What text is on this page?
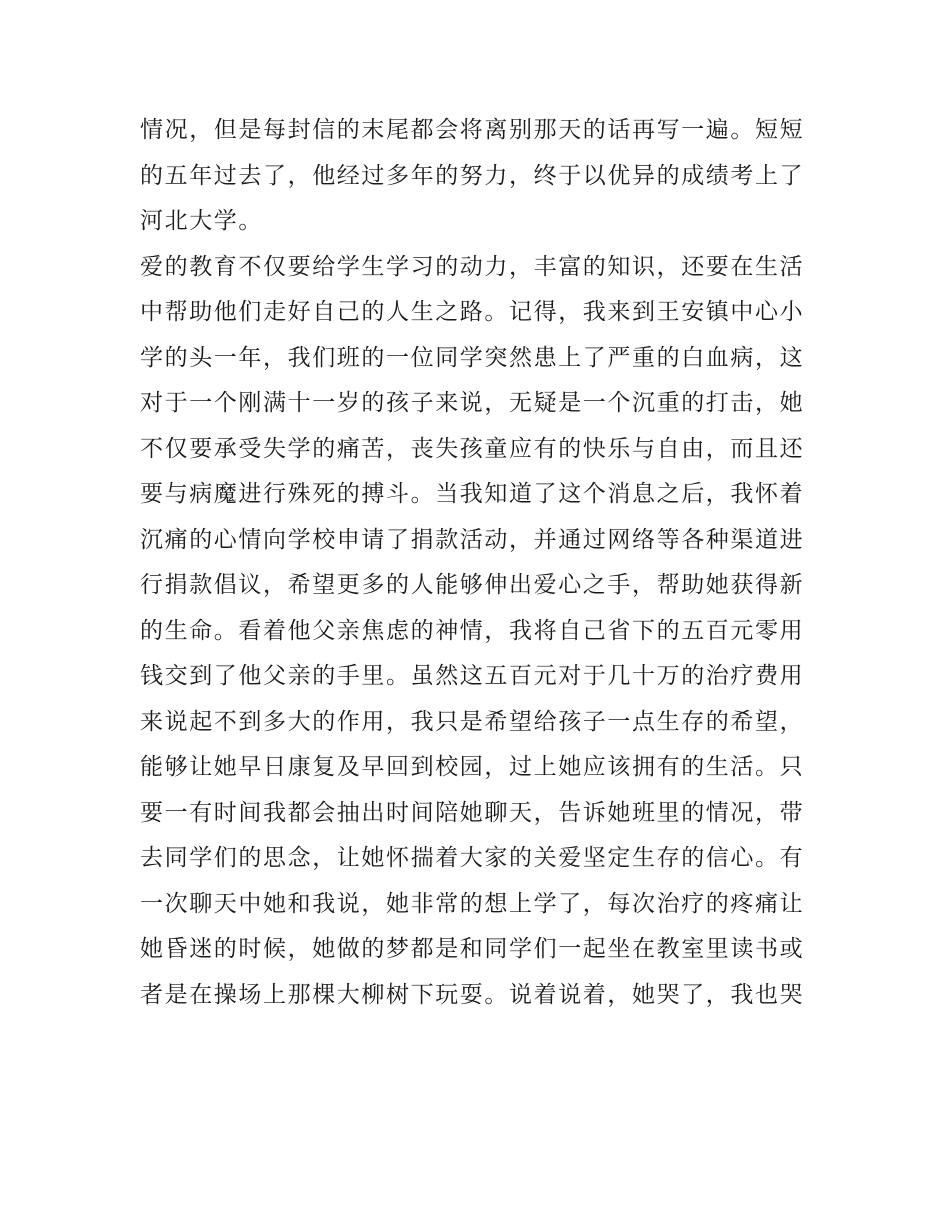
情况，但是每封信的末尾都会将离别那天的话再写一遍。短短
的五年过去了，他经过多年的努力，终于以优异的成绩考上了
河北大学。
爱的教育不仅要给学生学习的动力，丰富的知识，还要在生活
中帮助他们走好自己的人生之路。记得，我来到王安镇中心小
学的头一年，我们班的一位同学突然患上了严重的白血病，这
对于一个刚满十一岁的孩子来说，无疑是一个沉重的打击，她
不仅要承受失学的痛苦，丧失孩童应有的快乐与自由，而且还
要与病魔进行殊死的搏斗。当我知道了这个消息之后，我怀着
沉痛的心情向学校申请了捐款活动，并通过网络等各种渠道进
行捐款倡议，希望更多的人能够伸出爱心之手，帮助她获得新
的生命。看着他父亲焦虑的神情，我将自己省下的五百元零用
钱交到了他父亲的手里。虽然这五百元对于几十万的治疗费用
来说起不到多大的作用，我只是希望给孩子一点生存的希望，
能够让她早日康复及早回到校园，过上她应该拥有的生活。只
要一有时间我都会抽出时间陪她聊天，告诉她班里的情况，带
去同学们的思念，让她怀揣着大家的关爱坚定生存的信心。有
一次聊天中她和我说，她非常的想上学了，每次治疗的疼痛让
她昏迷的时候，她做的梦都是和同学们一起坐在教室里读书或
者是在操场上那棵大柳树下玩耍。说着说着，她哭了，我也哭
